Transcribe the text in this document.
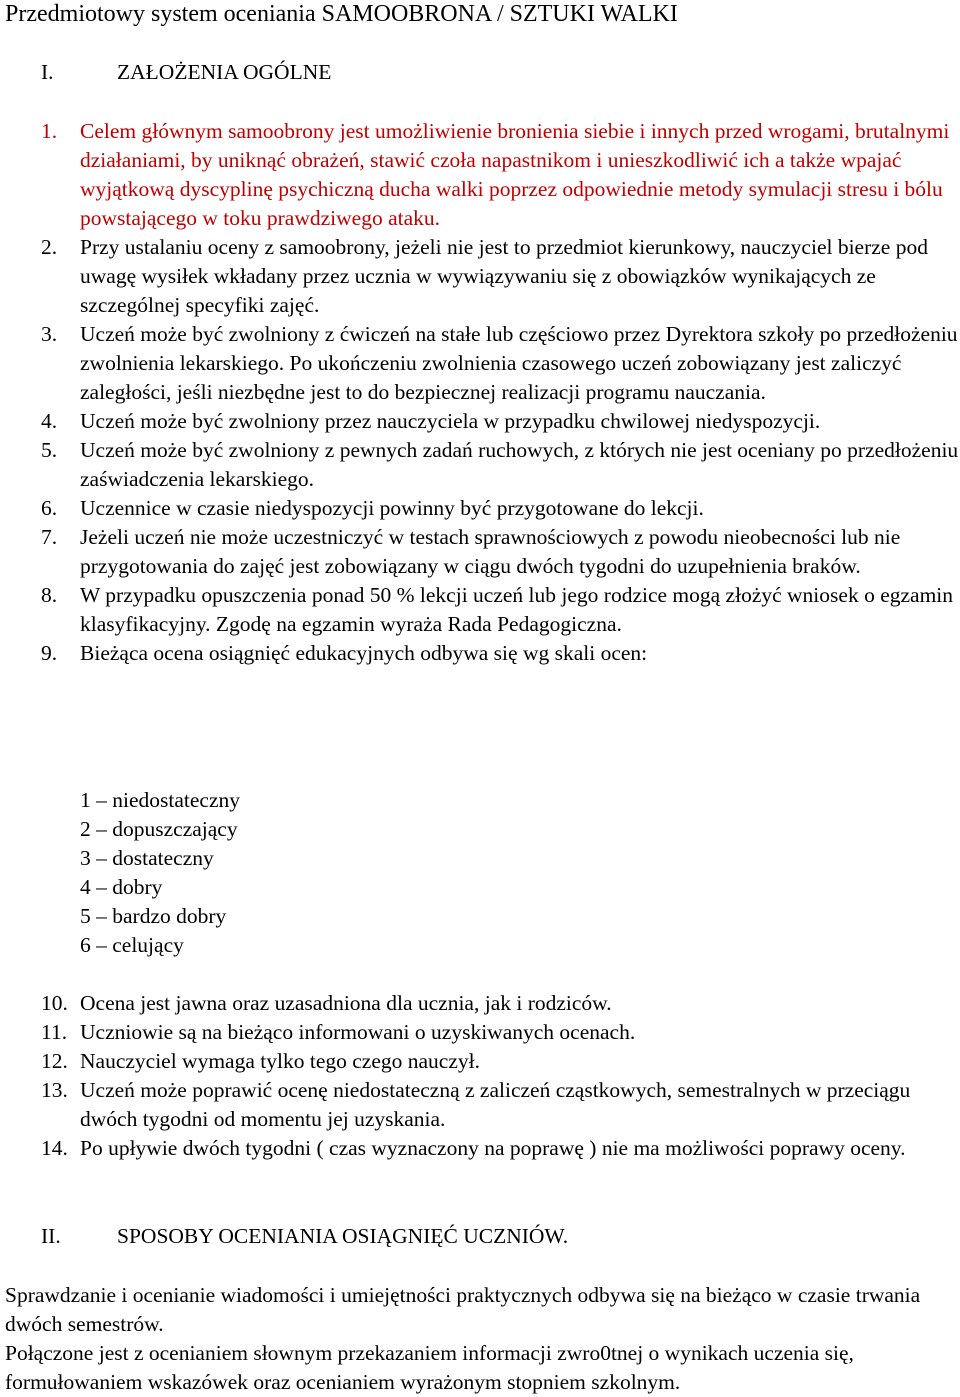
Przedmiotowy system oceniania SAMOOBRONA / SZTUKI WALKI
I.	ZAŁOŻENIA OGÓLNE
1. Celem głównym samoobrony jest umożliwienie bronienia siebie i innych przed wrogami, brutalnymi działaniami, by uniknąć obrażeń, stawić czoła napastnikom i unieszkodliwić ich a także wpajać wyjątkową dyscyplinę psychiczną ducha walki poprzez odpowiednie metody symulacji stresu i bólu powstającego w toku prawdziwego ataku.
2. Przy ustalaniu oceny z samoobrony, jeżeli nie jest to przedmiot kierunkowy, nauczyciel bierze pod uwagę wysiłek wkładany przez ucznia w wywiązywaniu się z obowiązków wynikających ze szczególnej specyfiki zajęć.
3. Uczeń może być zwolniony z ćwiczeń na stałe lub częściowo przez Dyrektora szkoły po przedłożeniu zwolnienia lekarskiego. Po ukończeniu zwolnienia czasowego uczeń zobowiązany jest zaliczyć zaległości, jeśli niezbędne jest to do bezpiecznej realizacji programu nauczania.
4. Uczeń może być zwolniony przez nauczyciela w przypadku chwilowej niedyspozycji.
5. Uczeń może być zwolniony z pewnych zadań ruchowych, z których nie jest oceniany po przedłożeniu zaświadczenia lekarskiego.
6. Uczennice w czasie niedyspozycji powinny być przygotowane do lekcji.
7. Jeżeli uczeń nie może uczestniczyć w testach sprawnościowych z powodu nieobecności lub nie przygotowania do zajęć jest zobowiązany w ciągu dwóch tygodni do uzupełnienia braków.
8. W przypadku opuszczenia ponad 50 % lekcji uczeń lub jego rodzice mogą złożyć wniosek o egzamin klasyfikacyjny. Zgodę na egzamin wyraża Rada Pedagogiczna.
9. Bieżąca ocena osiągnięć edukacyjnych odbywa się wg skali ocen:
1 – niedostateczny
2 – dopuszczający
3 – dostateczny
4 – dobry
5 – bardzo dobry
6 – celujący
10. Ocena jest jawna oraz uzasadniona dla ucznia, jak i rodziców.
11. Uczniowie są na bieżąco informowani o uzyskiwanych ocenach.
12. Nauczyciel wymaga tylko tego czego nauczył.
13. Uczeń może poprawić ocenę niedostateczną z zaliczeń cząstkowych, semestralnych w przeciągu dwóch tygodni od momentu jej uzyskania.
14. Po upływie dwóch tygodni ( czas wyznaczony na poprawę ) nie ma możliwości poprawy oceny.
II.	SPOSOBY OCENIANIA OSIĄGNIĘĆ UCZNIÓW.
Sprawdzanie i ocenianie wiadomości i umiejętności praktycznych odbywa się na bieżąco w czasie trwania dwóch semestrów.
Połączone jest z ocenianiem słownym przekazaniem informacji zwro0tnej o wynikach uczenia się, formułowaniem wskazówek oraz ocenianiem wyrażonym stopniem szkolnym.
